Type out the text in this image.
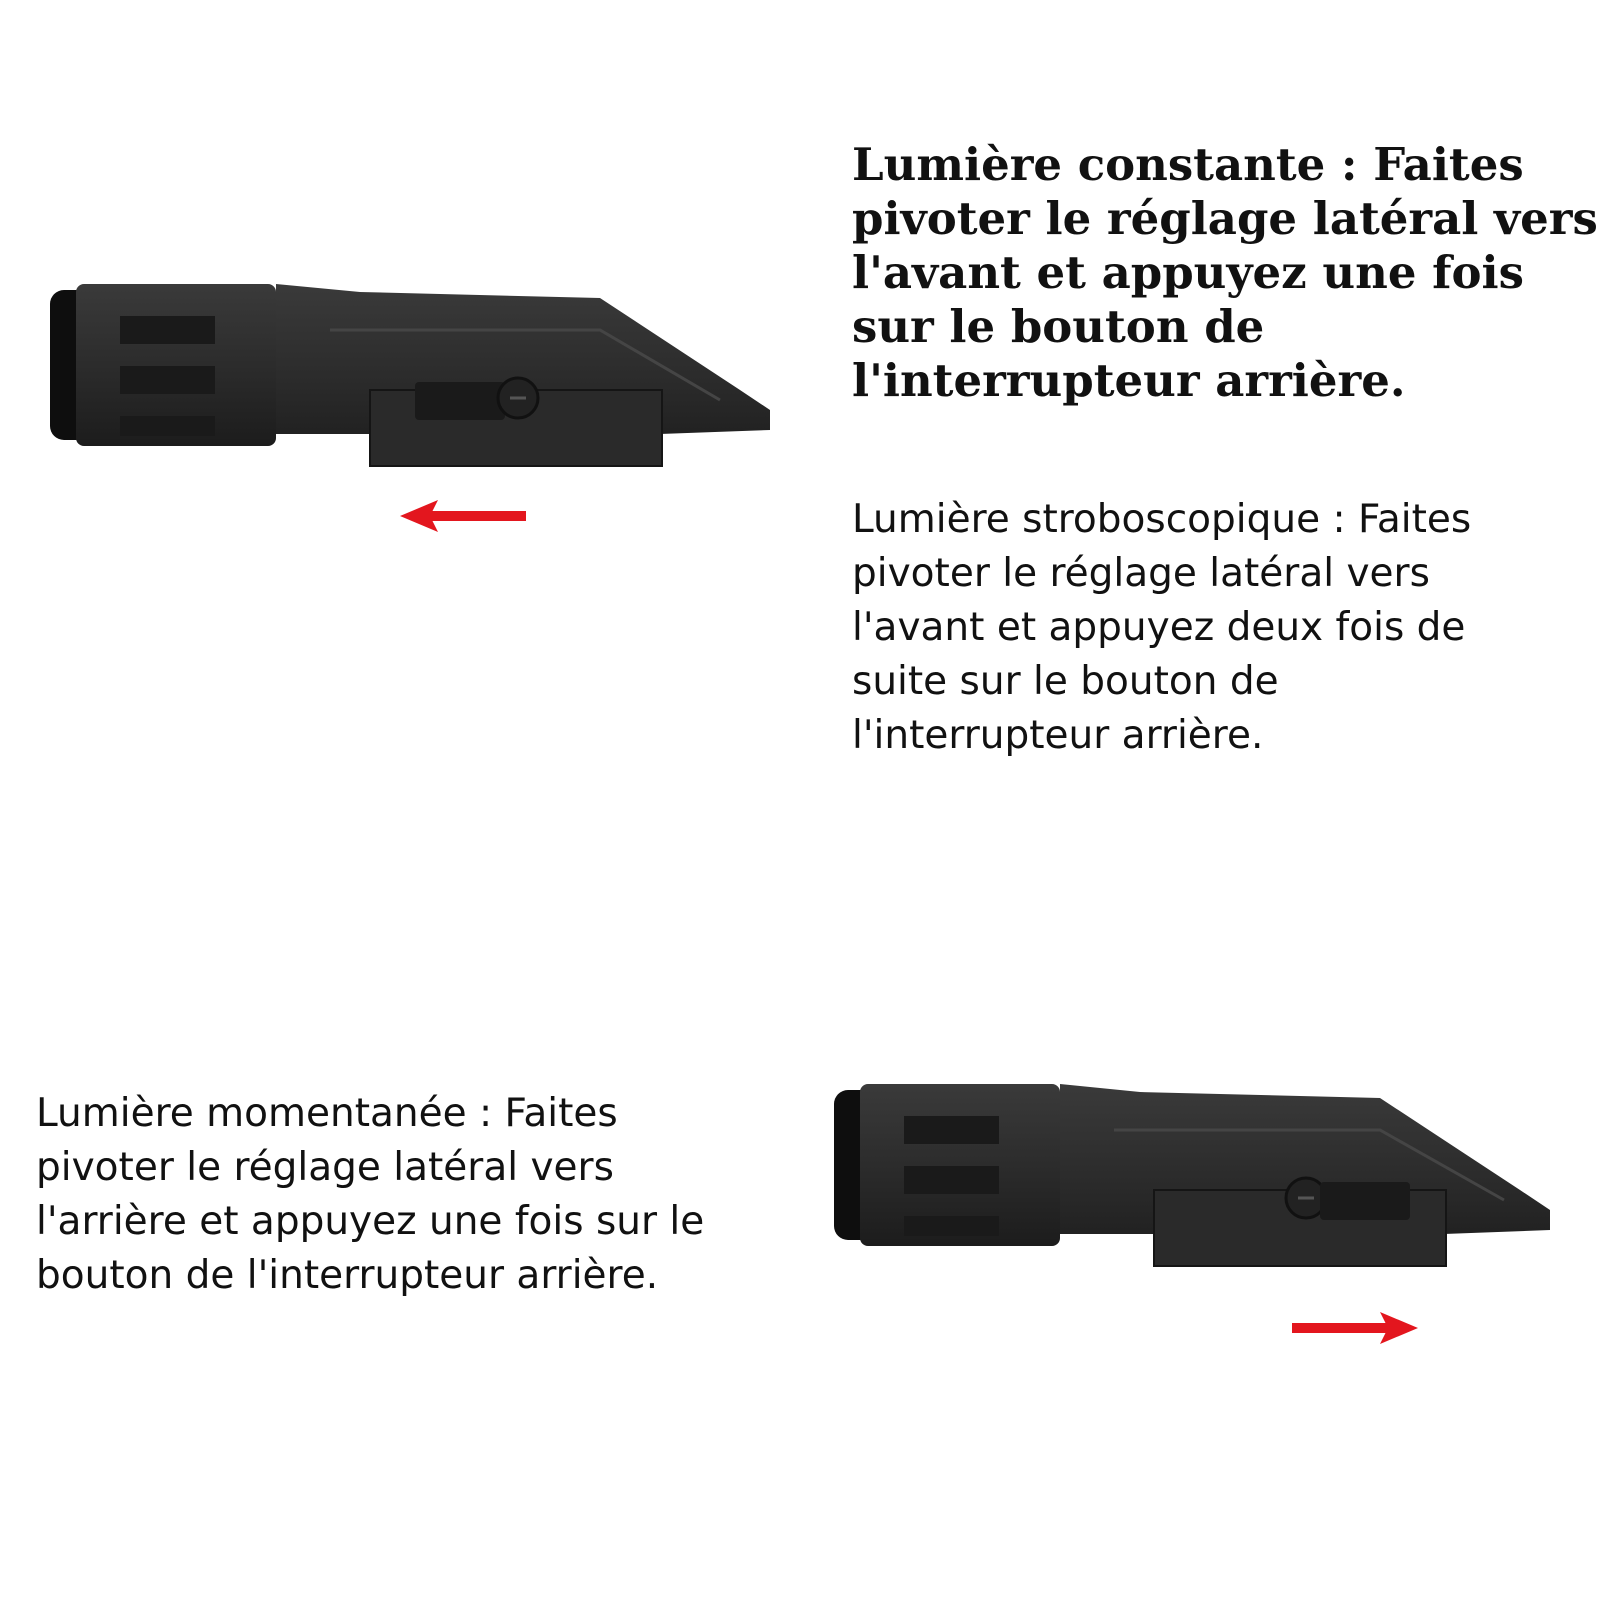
Lumière constante : Faites
pivoter le réglage latéral vers
l'avant et appuyez une fois
sur le bouton de
l'interrupteur arrière.
Lumière stroboscopique : Faites
pivoter le réglage latéral vers
l'avant et appuyez deux fois de
suite sur le bouton de
l'interrupteur arrière.
Lumière momentanée : Faites
pivoter le réglage latéral vers
l'arrière et appuyez une fois sur le
bouton de l'interrupteur arrière.
